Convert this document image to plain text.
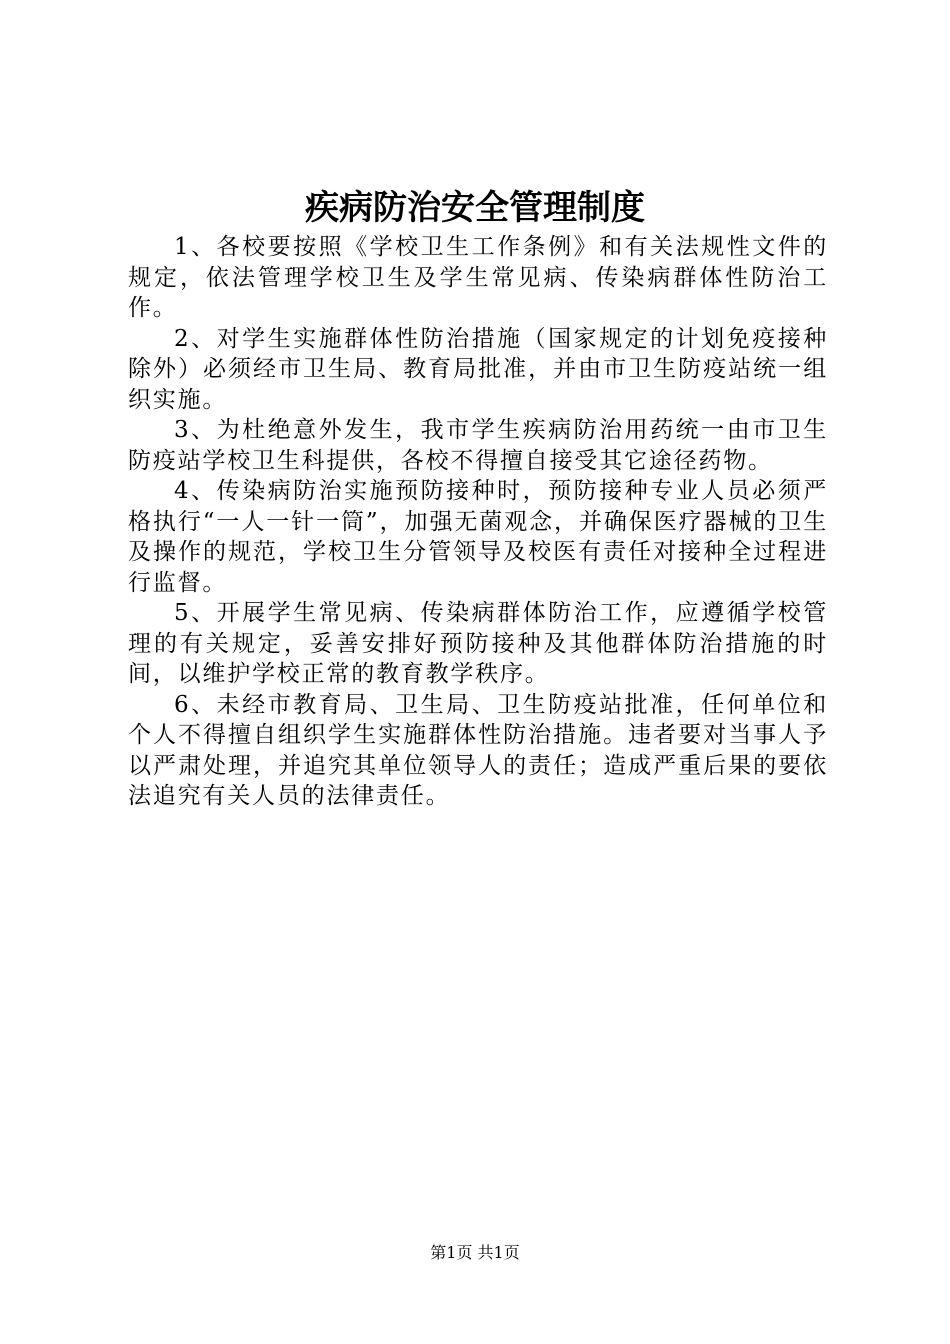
疾病防治安全管理制度

1、各校要按照《学校卫生工作条例》和有关法规性文件的规定，依法管理学校卫生及学生常见病、传染病群体性防治工作。

2、对学生实施群体性防治措施（国家规定的计划免疫接种除外）必须经市卫生局、教育局批准，并由市卫生防疫站统一组织实施。

3、为杜绝意外发生，我市学生疾病防治用药统一由市卫生防疫站学校卫生科提供，各校不得擅自接受其它途径药物。

4、传染病防治实施预防接种时，预防接种专业人员必须严格执行“一人一针一筒”，加强无菌观念，并确保医疗器械的卫生及操作的规范，学校卫生分管领导及校医有责任对接种全过程进行监督。

5、开展学生常见病、传染病群体防治工作，应遵循学校管理的有关规定，妥善安排好预防接种及其他群体防治措施的时间，以维护学校正常的教育教学秩序。

6、未经市教育局、卫生局、卫生防疫站批准，任何单位和个人不得擅自组织学生实施群体性防治措施。违者要对当事人予以严肃处理，并追究其单位领导人的责任；造成严重后果的要依法追究有关人员的法律责任。

第1页 共1页
